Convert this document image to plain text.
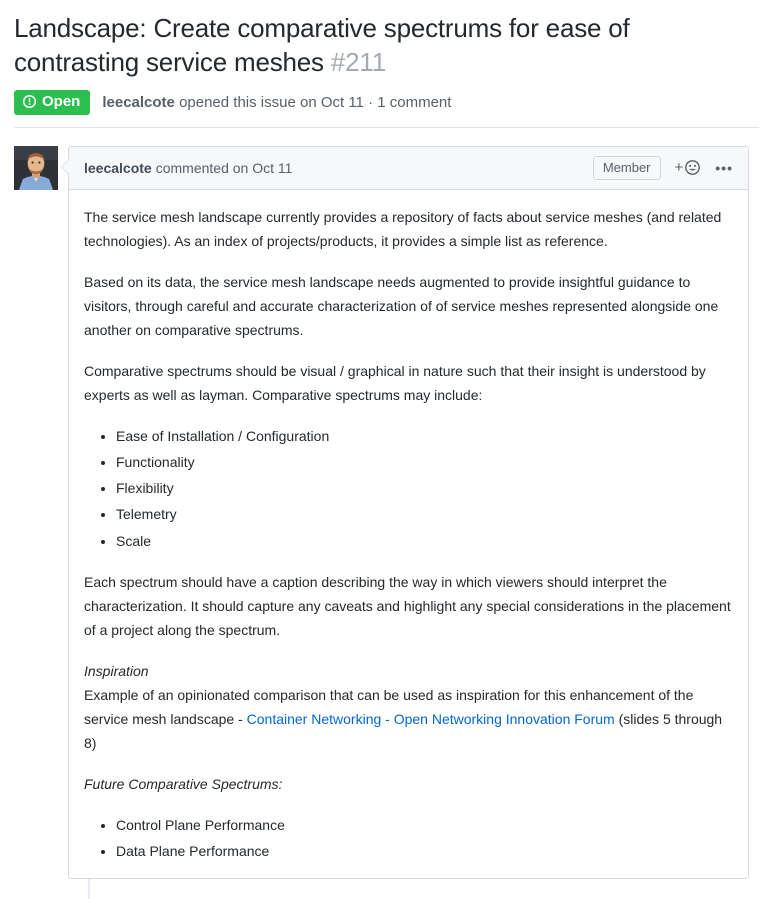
Landscape: Create comparative spectrums for ease of contrasting service meshes #211
Open leecalcote opened this issue on Oct 11 · 1 comment
leecalcote commented on Oct 11	Member	+ •••

The service mesh landscape currently provides a repository of facts about service meshes (and related technologies). As an index of projects/products, it provides a simple list as reference.

Based on its data, the service mesh landscape needs augmented to provide insightful guidance to visitors, through careful and accurate characterization of of service meshes represented alongside one another on comparative spectrums.

Comparative spectrums should be visual / graphical in nature such that their insight is understood by experts as well as layman. Comparative spectrums may include:

• Ease of Installation / Configuration
• Functionality
• Flexibility
• Telemetry
• Scale

Each spectrum should have a caption describing the way in which viewers should interpret the characterization. It should capture any caveats and highlight any special considerations in the placement of a project along the spectrum.

Inspiration
Example of an opinionated comparison that can be used as inspiration for this enhancement of the service mesh landscape - Container Networking - Open Networking Innovation Forum (slides 5 through 8)

Future Comparative Spectrums:

• Control Plane Performance
• Data Plane Performance
